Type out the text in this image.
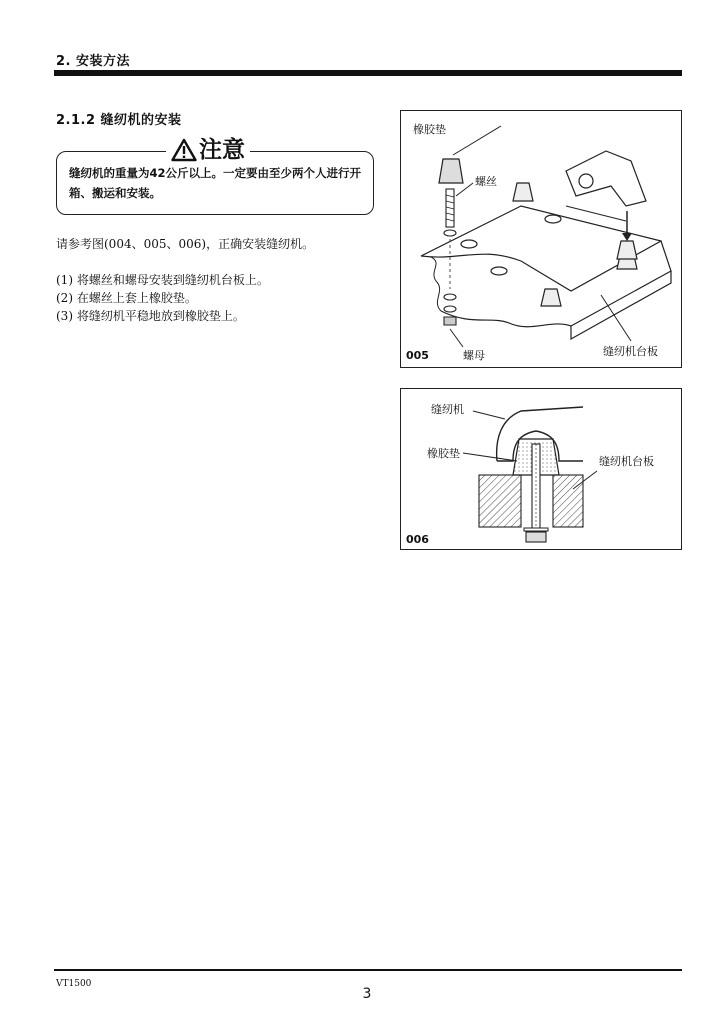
2. 安装方法
2.1.2 缝纫机的安装
注意
缝纫机的重量为42公斤以上。一定要由至少两个人进行开箱、搬运和安装。
请参考图(004、005、006)，正确安装缝纫机。
(1) 将螺丝和螺母安装到缝纫机台板上。
(2) 在螺丝上套上橡胶垫。
(3) 将缝纫机平稳地放到橡胶垫上。
橡胶垫
螺丝
螺母	缝纫机台板
005
缝纫机
橡胶垫
缝纫机台板
006
VT1500
3
